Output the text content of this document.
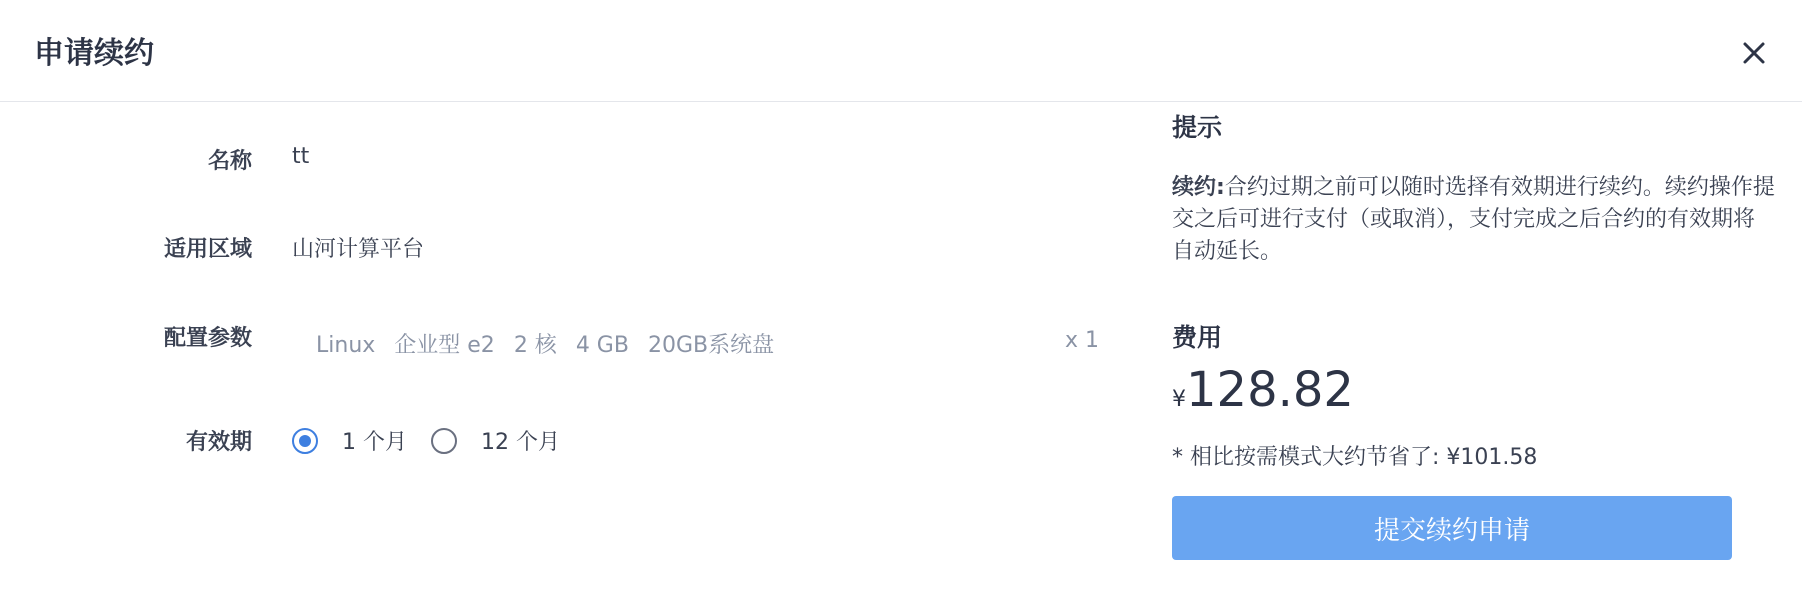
申请续约
名称 tt
适用区域 山河计算平台
配置参数	Linux 企业型 e2 2 核 4 GB 20GB系统盘	x 1
有效期	1 个月	12 个月
提示
续约:合约过期之前可以随时选择有效期进行续约。续约操作提交之后可进行支付（或取消），支付完成之后合约的有效期将自动延长。
费用
¥128.82
* 相比按需模式大约节省了: ¥101.58
提交续约申请
